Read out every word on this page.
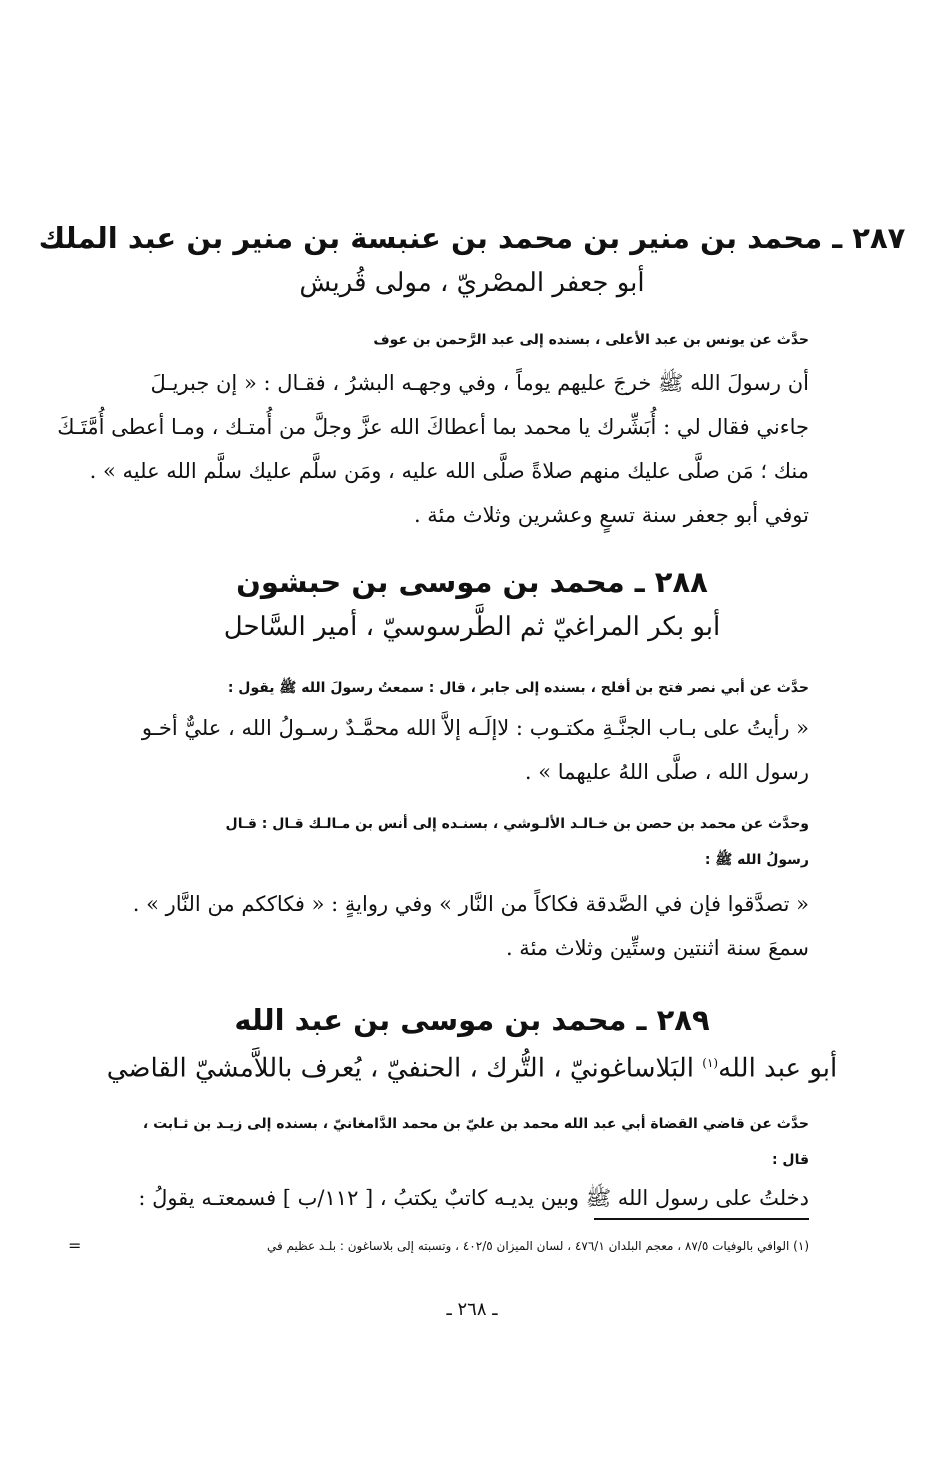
٢٨٧ ـ محمد بن منير بن محمد بن عنبسة بن منير بن عبد الملك
أبو جعفر المصْريّ ، مولى قُريش
حدَّث عن يونس بن عبد الأعلى ، بسنده إلى عبد الرَّحمن بن عوف
أن رسولَ الله ﷺ خرجَ عليهم يوماً ، وفي وجهـه البشرُ ، فقـال : « إن جبريـلَ
جاءني فقال لي : أُبَشِّرك يا محمد بما أعطاكَ الله عزَّ وجلَّ من أُمتـك ، ومـا أعطى أُمَّتَـكَ
منك ؛ مَن صلَّى عليك منهم صلاةً صلَّى الله عليه ، ومَن سلَّم عليك سلَّم الله عليه » .
توفي أبو جعفر سنة تسعٍ وعشرين وثلاث مئة .
٢٨٨ ـ محمد بن موسى بن حبشون
أبو بكر المراغيّ ثم الطَّرسوسيّ ، أمير السَّاحل
حدَّث عن أبي نصر فتح بن أفلح ، بسنده إلى جابر ، قال : سمعتُ رسولَ الله ﷺ يقول :
« رأيتُ على بـاب الجنَّـةِ مكتـوب : لاإلَـه إلاَّ الله محمَّـدٌ رسـولُ الله ، عليٌّ أخـو
رسول الله ، صلَّى اللهُ عليهما » .
وحدَّث عن محمد بن حصن بن خـالـد الألـوشي ، بسنـده إلى أنس بن مـالـك قـال : قـال
رسولُ الله ﷺ :
« تصدَّقوا فإن في الصَّدقة فكاكاً من النَّار » وفي روايةٍ : « فكاككم من النَّار » .
سمعَ سنة اثنتين وستِّين وثلاث مئة .
٢٨٩ ـ محمد بن موسى بن عبد الله
أبو عبد الله$^{(١)}$ البَلاساغونيّ ، التُّرك ، الحنفيّ ، يُعرف باللاَّمشيّ القاضي
حدَّث عن قاضي القضاة أبي عبد الله محمد بن عليّ بن محمد الدَّامغانيّ ، بسنده إلى زيـد بن ثـابت ،
قال :
دخلتُ على رسول الله ﷺ وبين يديـه كاتبٌ يكتبُ ، [ ١١٢/ب ] فسمعتـه يقولُ :
(١) الوافي بالوفيات ٨٧/٥ ، معجم البلدان ٤٧٦/١ ، لسان الميزان ٤٠٢/٥ ، وتسبته إلى بلاساغون : بلـد عظيم في
=
ـ ٢٦٨ ـ
